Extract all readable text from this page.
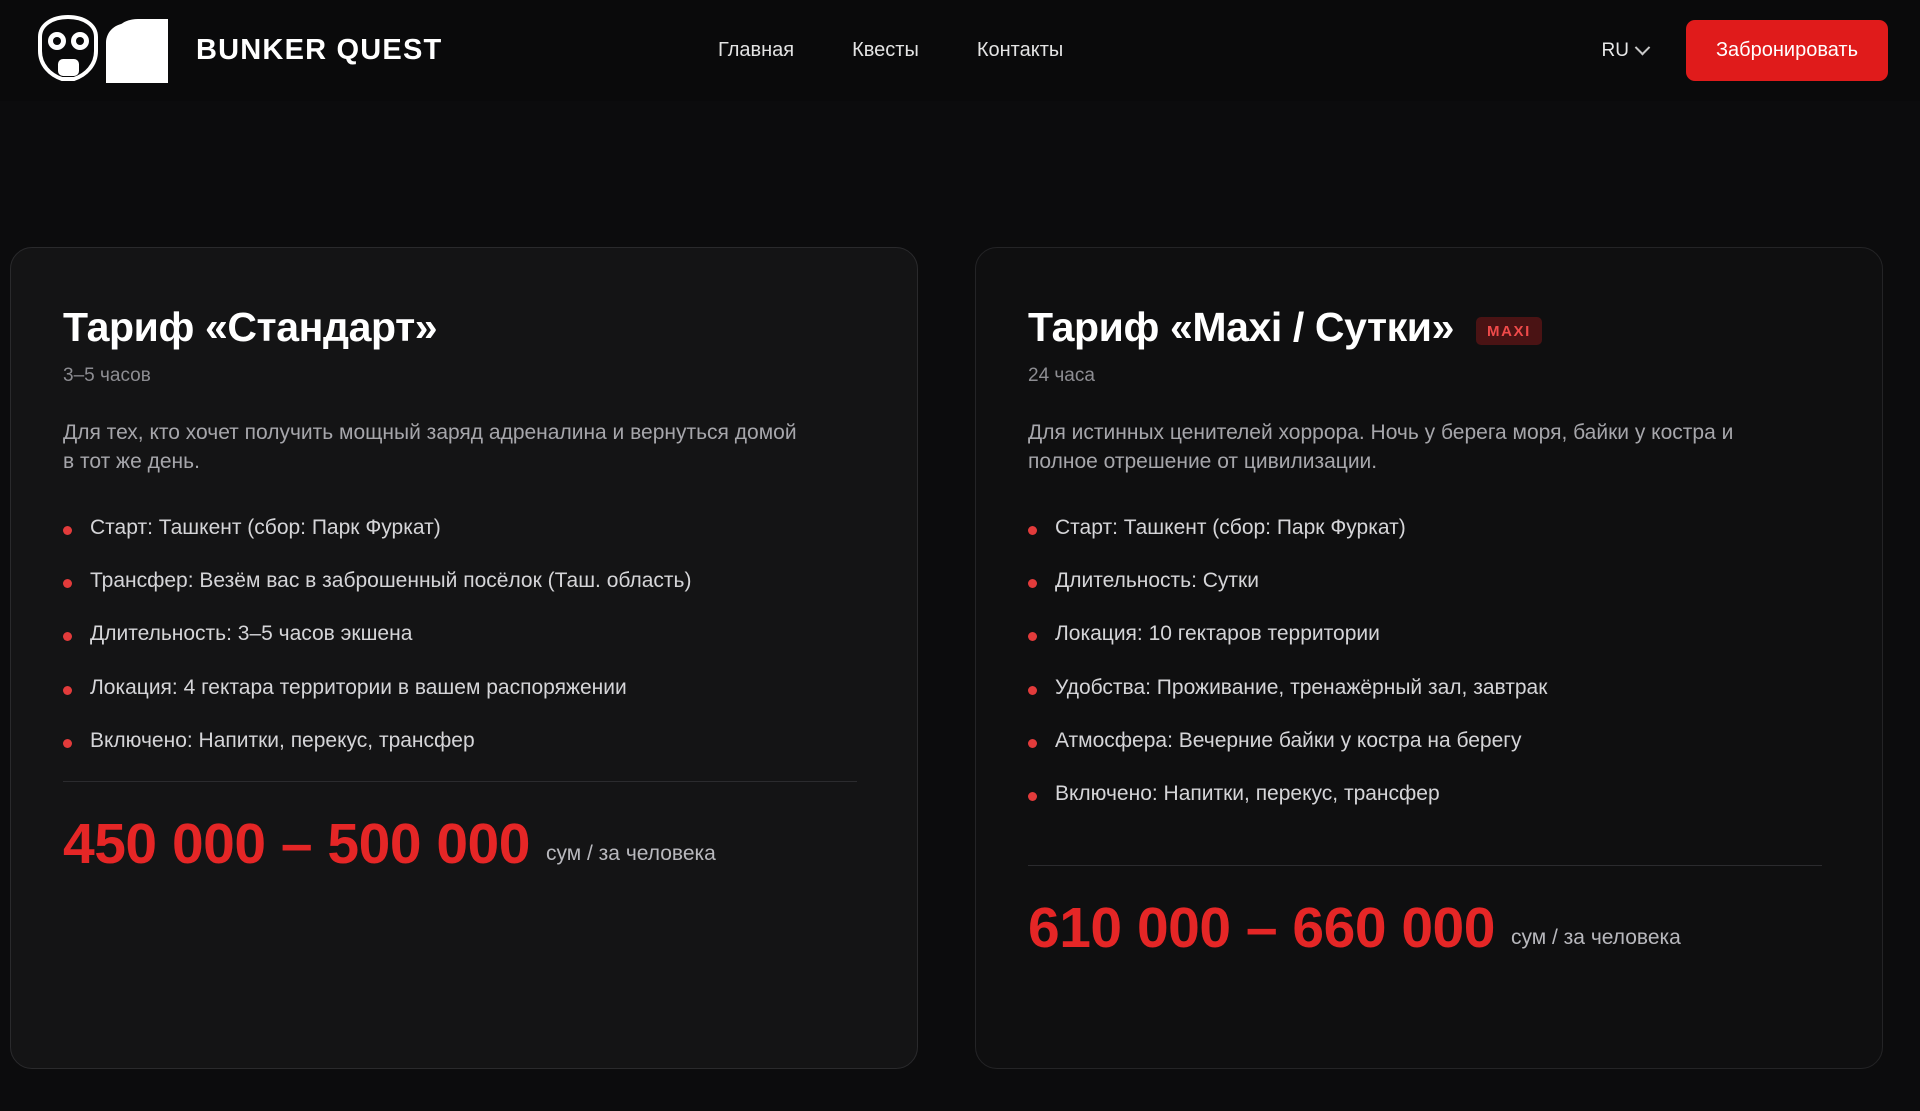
BUNKER QUEST	Главная	Квесты	Контакты	RU	Забронировать
Тариф «Стандарт»
3–5 часов

Для тех, кто хочет получить мощный заряд адреналина и вернуться домой в тот же день.

Старт: Ташкент (сбор: Парк Фуркат)
Трансфер: Везём вас в заброшенный посёлок (Таш. область)
Длительность: 3–5 часов экшена
Локация: 4 гектара территории в вашем распоряжении
Включено: Напитки, перекус, трансфер
450 000 – 500 000 сум / за человека
Тариф «Maxi / Сутки»	MAXI
24 часа

Для истинных ценителей хоррора. Ночь у берега моря, байки у костра и полное отрешение от цивилизации.

Старт: Ташкент (сбор: Парк Фуркат)
Длительность: Сутки
Локация: 10 гектаров территории
Удобства: Проживание, тренажёрный зал, завтрак
Атмосфера: Вечерние байки у костра на берегу
Включено: Напитки, перекус, трансфер
610 000 – 660 000 сум / за человека
